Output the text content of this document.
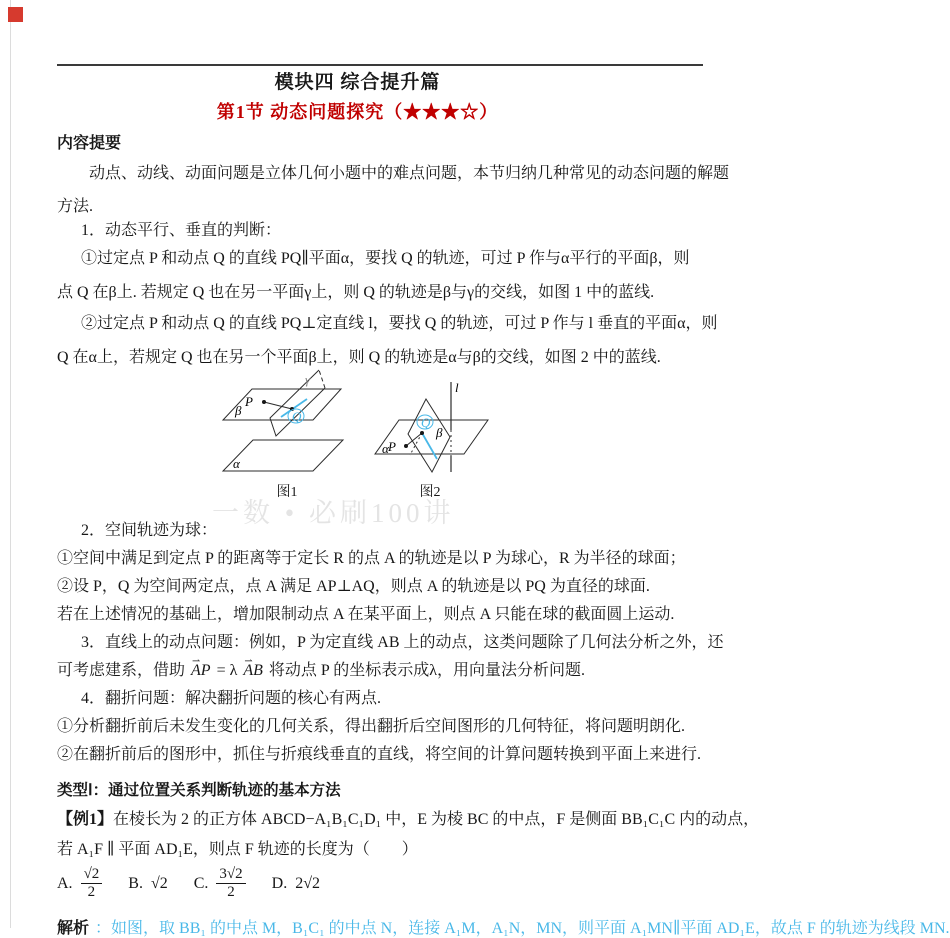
模块四 综合提升篇
第1节 动态问题探究（★★★☆）
内容提要
动点、动线、动面问题是立体几何小题中的难点问题，本节归纳几种常见的动态问题的解题
方法.
1．动态平行、垂直的判断：
①过定点 P 和动点 Q 的直线 PQ∥平面α，要找 Q 的轨迹，可过 P 作与α平行的平面β，则
点 Q 在β上. 若规定 Q 也在另一平面γ上，则 Q 的轨迹是β与γ的交线，如图 1 中的蓝线.
②过定点 P 和动点 Q 的直线 PQ⊥定直线 l，要找 Q 的轨迹，可过 P 作与 l 垂直的平面α，则
Q 在α上，若规定 Q 也在另一个平面β上，则 Q 的轨迹是α与β的交线，如图 2 中的蓝线.
P
β
γ
α
Q
l
P
β
α
Q
图1	图2
一数 • 必刷100讲
2．空间轨迹为球：
①空间中满足到定点 P 的距离等于定长 R 的点 A 的轨迹是以 P 为球心，R 为半径的球面；
②设 P，Q 为空间两定点，点 A 满足 AP⊥AQ，则点 A 的轨迹是以 PQ 为直径的球面.
若在上述情况的基础上，增加限制动点 A 在某平面上，则点 A 只能在球的截面圆上运动.
3．直线上的动点问题：例如，P 为定直线 AB 上的动点，这类问题除了几何法分析之外，还
可考虑建系，借助 AP ⇀ = λ AB ⇀ 将动点 P 的坐标表示成λ，用向量法分析问题.
4．翻折问题：解决翻折问题的核心有两点.
①分析翻折前后未发生变化的几何关系，得出翻折后空间图形的几何特征，将问题明朗化.
②在翻折前后的图形中，抓住与折痕线垂直的直线，将空间的计算问题转换到平面上来进行.
类型Ⅰ：通过位置关系判断轨迹的基本方法
【例1】在棱长为 2 的正方体 ABCD−A₁B₁C₁D₁ 中，E 为棱 BC 的中点，F 是侧面 BB₁C₁C 内的动点，
若 A₁F ∥ 平面 AD₁E，则点 F 轨迹的长度为（　　）
A. $\frac{√2}{2} B$. √2 C. $\frac{3√2}{2} D$. 2√2
解析 ：如图，取 BB₁ 的中点 M，B₁C₁ 的中点 N，连接 A₁M，A₁N，MN，则平面 A₁MN∥平面 AD₁E，故点 F 的轨迹为线段 MN.
